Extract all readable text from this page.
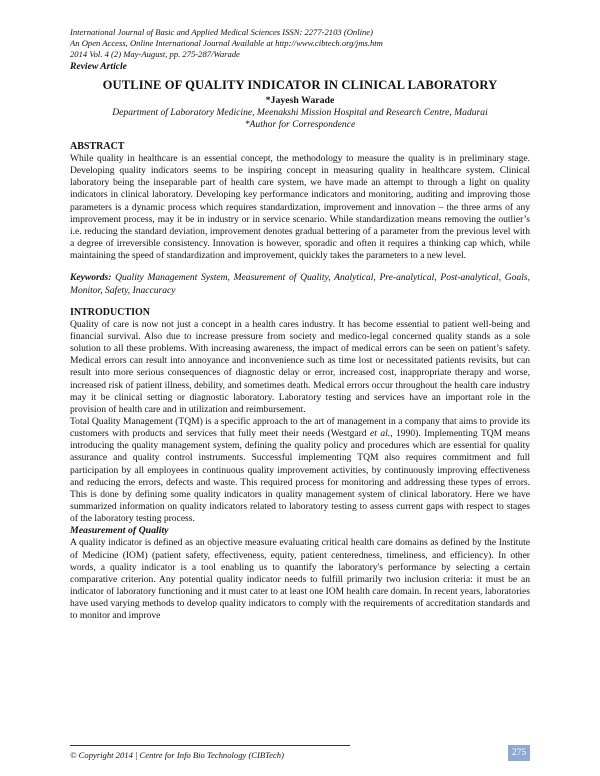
International Journal of Basic and Applied Medical Sciences ISSN: 2277-2103 (Online)
An Open Access, Online International Journal Available at http://www.cibtech.org/jms.htm
2014 Vol. 4 (2) May-August, pp. 275-287/Warade
Review Article
OUTLINE OF QUALITY INDICATOR IN CLINICAL LABORATORY
*Jayesh Warade
Department of Laboratory Medicine, Meenakshi Mission Hospital and Research Centre, Madurai
*Author for Correspondence
ABSTRACT

While quality in healthcare is an essential concept, the methodology to measure the quality is in preliminary stage. Developing quality indicators seems to be inspiring concept in measuring quality in healthcare system. Clinical laboratory being the inseparable part of health care system, we have made an attempt to through a light on quality indicators in clinical laboratory. Developing key performance indicators and monitoring, auditing and improving those parameters is a dynamic process which requires standardization, improvement and innovation – the three arms of any improvement process, may it be in industry or in service scenario. While standardization means removing the outlier’s i.e. reducing the standard deviation, improvement denotes gradual bettering of a parameter from the previous level with a degree of irreversible consistency. Innovation is however, sporadic and often it requires a thinking cap which, while maintaining the speed of standardization and improvement, quickly takes the parameters to a new level.

Keywords: Quality Management System, Measurement of Quality, Analytical, Pre-analytical, Post-analytical, Goals, Monitor, Safety, Inaccuracy
INTRODUCTION

Quality of care is now not just a concept in a health cares industry. It has become essential to patient well-being and financial survival. Also due to increase pressure from society and medico-legal concerned quality stands as a sole solution to all these problems. With increasing awareness, the impact of medical errors can be seen on patient’s safety. Medical errors can result into annoyance and inconvenience such as time lost or necessitated patients revisits, but can result into more serious consequences of diagnostic delay or error, increased cost, inappropriate therapy and worse, increased risk of patient illness, debility, and sometimes death. Medical errors occur throughout the health care industry may it be clinical setting or diagnostic laboratory. Laboratory testing and services have an important role in the provision of health care and in utilization and reimbursement.

Total Quality Management (TQM) is a specific approach to the art of management in a company that aims to provide its customers with products and services that fully meet their needs (Westgard et al., 1990). Implementing TQM means introducing the quality management system, defining the quality policy and procedures which are essential for quality assurance and quality control instruments. Successful implementing TQM also requires commitment and full participation by all employees in continuous quality improvement activities, by continuously improving effectiveness and reducing the errors, defects and waste. This required process for monitoring and addressing these types of errors. This is done by defining some quality indicators in quality management system of clinical laboratory. Here we have summarized information on quality indicators related to laboratory testing to assess current gaps with respect to stages of the laboratory testing process.

Measurement of Quality

A quality indicator is defined as an objective measure evaluating critical health care domains as defined by the Institute of Medicine (IOM) (patient safety, effectiveness, equity, patient centeredness, timeliness, and efficiency). In other words, a quality indicator is a tool enabling us to quantify the laboratory's performance by selecting a certain comparative criterion. Any potential quality indicator needs to fulfill primarily two inclusion criteria: it must be an indicator of laboratory functioning and it must cater to at least one IOM health care domain. In recent years, laboratories have used varying methods to develop quality indicators to comply with the requirements of accreditation standards and to monitor and improve

© Copyright 2014 | Centre for Info Bio Technology (CIBTech)	275
